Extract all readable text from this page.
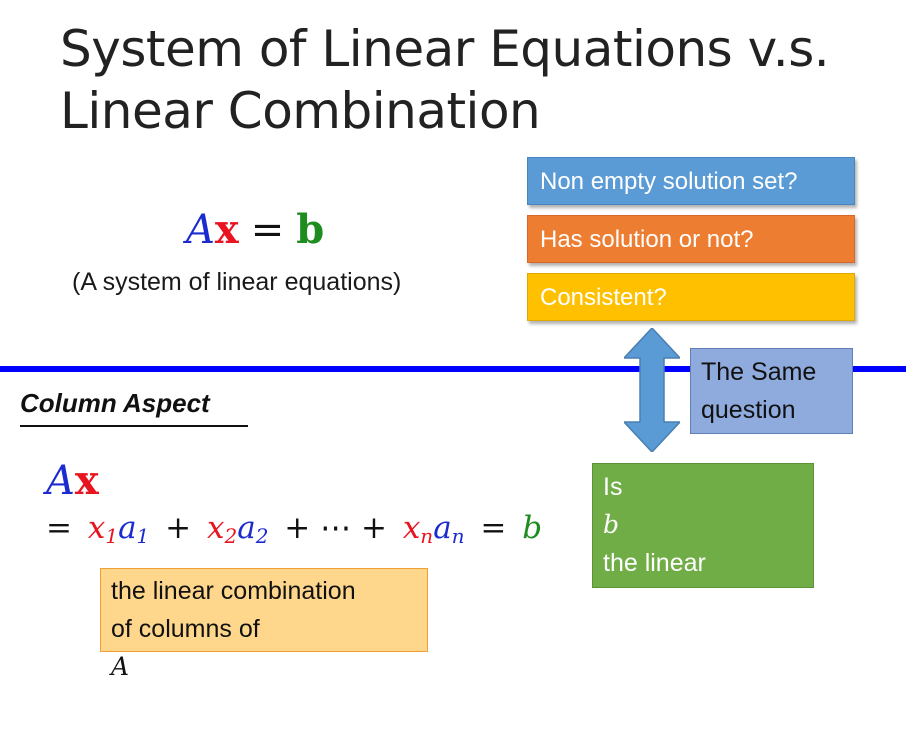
System of Linear Equations v.s.
Linear Combination
Ax = b
(A system of linear equations)
Non empty solution set?
Has solution or not?
Consistent?
Column Aspect
The Same
question
Ax
= $x_1a_1 + x_2a_2$ + ⋯ + $x_na_n = b$
Is
b
the linear
combination of
columns of
A
?
the linear combination
of columns of
A
